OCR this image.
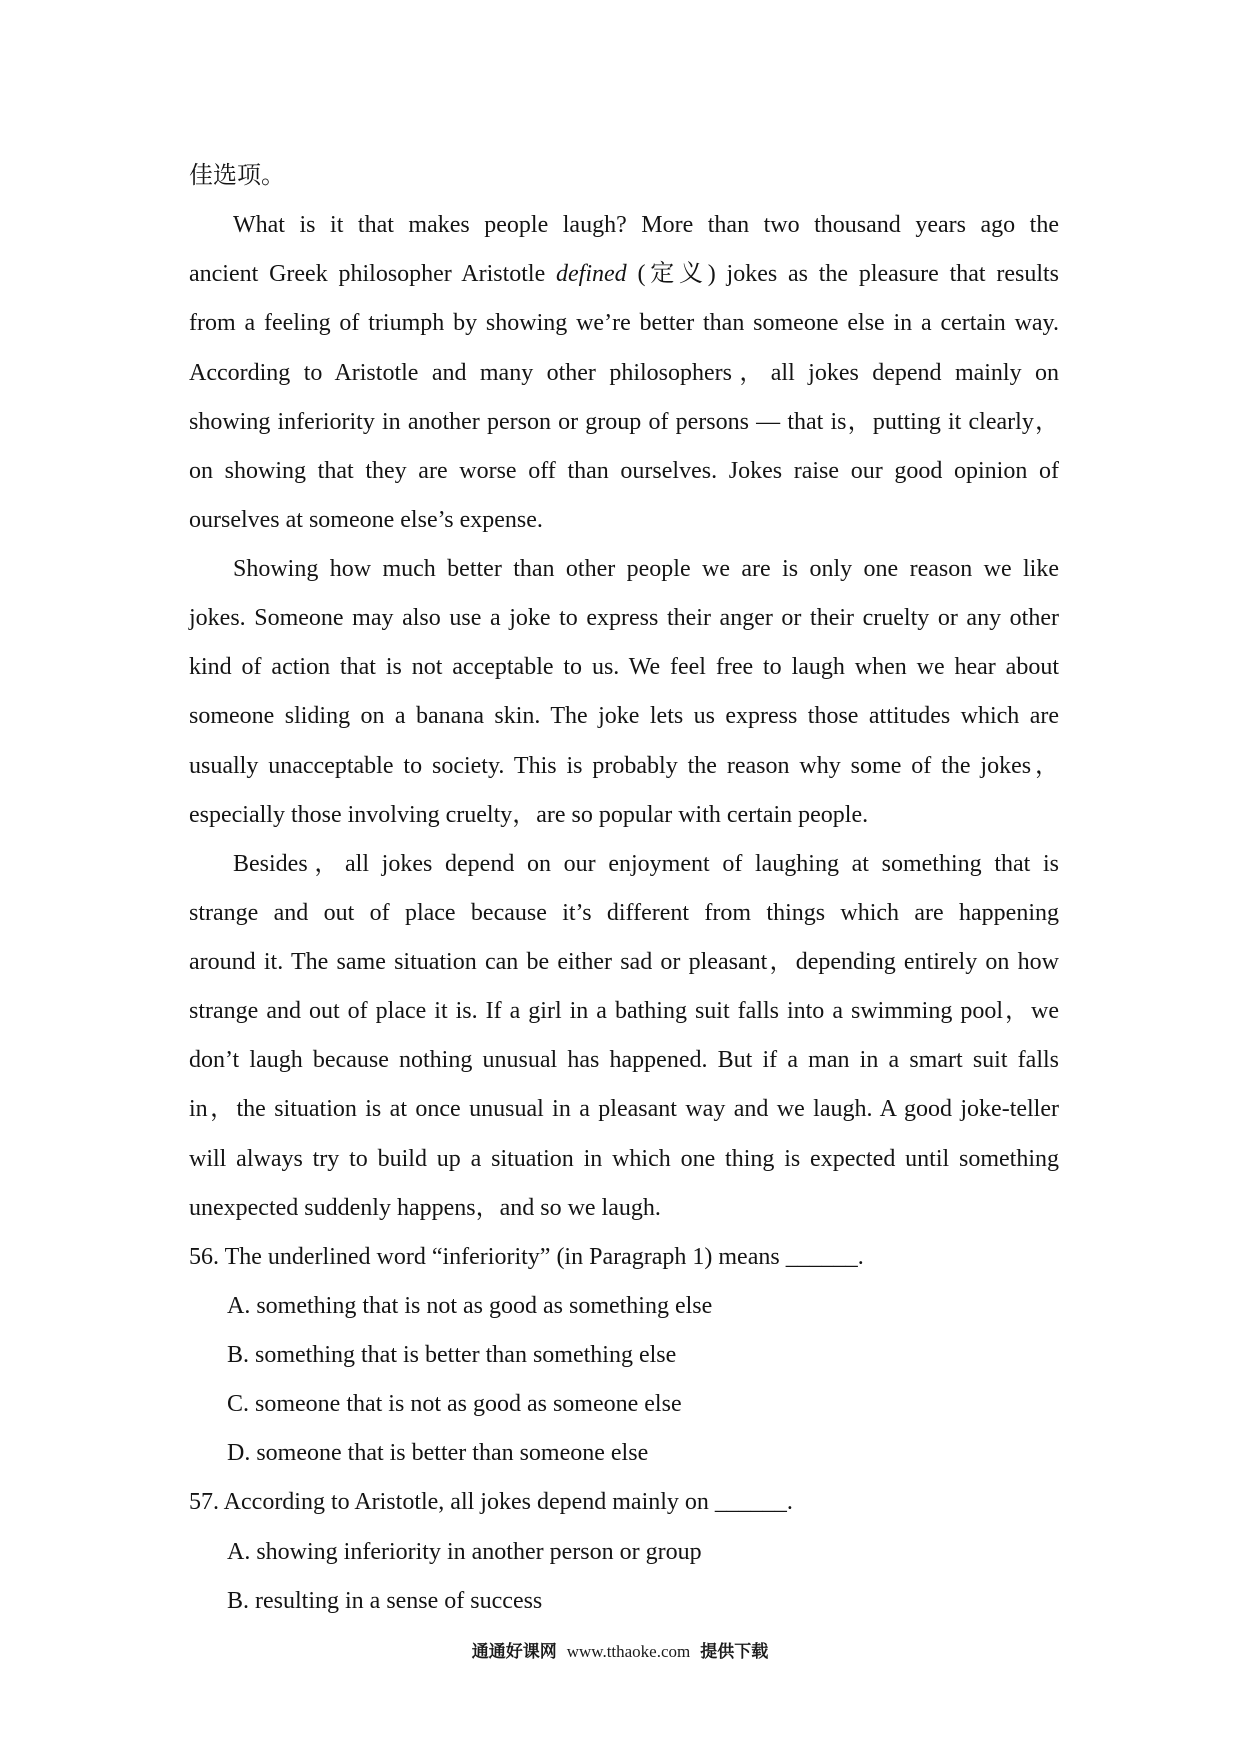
佳选项。
What is it that makes people laugh? More than two thousand years ago the
ancient Greek philosopher Aristotle defined (定义) jokes as the pleasure that results
from a feeling of triumph by showing we’re better than someone else in a certain way.
According to Aristotle and many other philosophers，all jokes depend mainly on
showing inferiority in another person or group of persons — that is，putting it clearly，
on showing that they are worse off than ourselves. Jokes raise our good opinion of
ourselves at someone else’s expense.
Showing how much better than other people we are is only one reason we like
jokes. Someone may also use a joke to express their anger or their cruelty or any other
kind of action that is not acceptable to us. We feel free to laugh when we hear about
someone sliding on a banana skin. The joke lets us express those attitudes which are
usually unacceptable to society. This is probably the reason why some of the jokes，
especially those involving cruelty，are so popular with certain people.
Besides，all jokes depend on our enjoyment of laughing at something that is
strange and out of place because it’s different from things which are happening
around it. The same situation can be either sad or pleasant，depending entirely on how
strange and out of place it is. If a girl in a bathing suit falls into a swimming pool，we
don’t laugh because nothing unusual has happened. But if a man in a smart suit falls
in，the situation is at once unusual in a pleasant way and we laugh. A good joke-teller
will always try to build up a situation in which one thing is expected until something
unexpected suddenly happens，and so we laugh.
56. The underlined word “inferiority” (in Paragraph 1) means ______.
A. something that is not as good as something else
B. something that is better than something else
C. someone that is not as good as someone else
D. someone that is better than someone else
57. According to Aristotle, all jokes depend mainly on ______.
A. showing inferiority in another person or group
B. resulting in a sense of success
通通好课网 www.tthaoke.com 提供下载
